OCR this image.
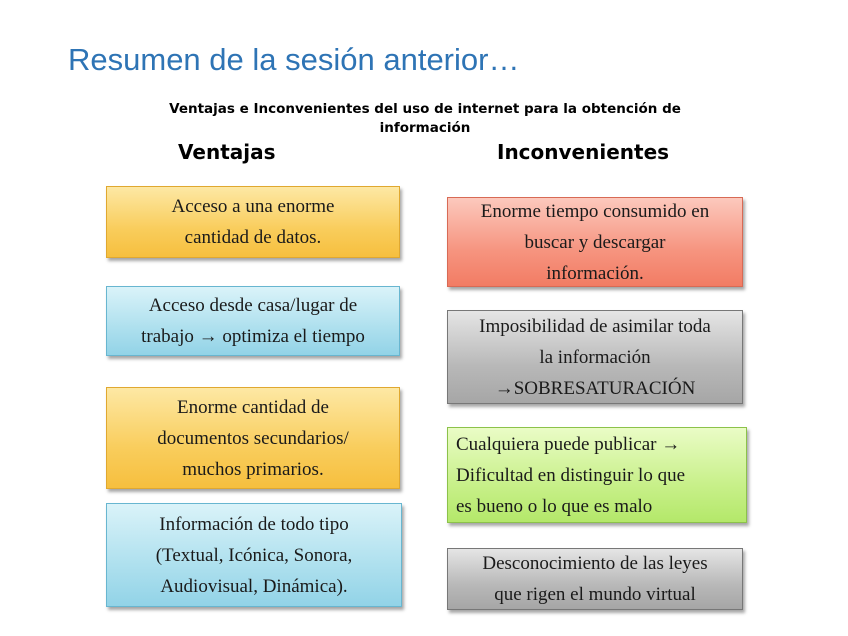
Resumen de la sesión anterior…
Ventajas e Inconvenientes del uso de internet para la obtención de información
Ventajas	Inconvenientes
Acceso a una enorme
cantidad de datos.
Acceso desde casa/lugar de
trabajo → optimiza el tiempo
Enorme cantidad de
documentos secundarios/
muchos primarios.
Información de todo tipo
(Textual, Icónica, Sonora,
Audiovisual, Dinámica).
Enorme tiempo consumido en
buscar y descargar
información.
Imposibilidad de asimilar toda
la información
→SOBRESATURACIÓN
Cualquiera puede publicar →
Dificultad en distinguir lo que
es bueno o lo que es malo
Desconocimiento de las leyes
que rigen el mundo virtual
